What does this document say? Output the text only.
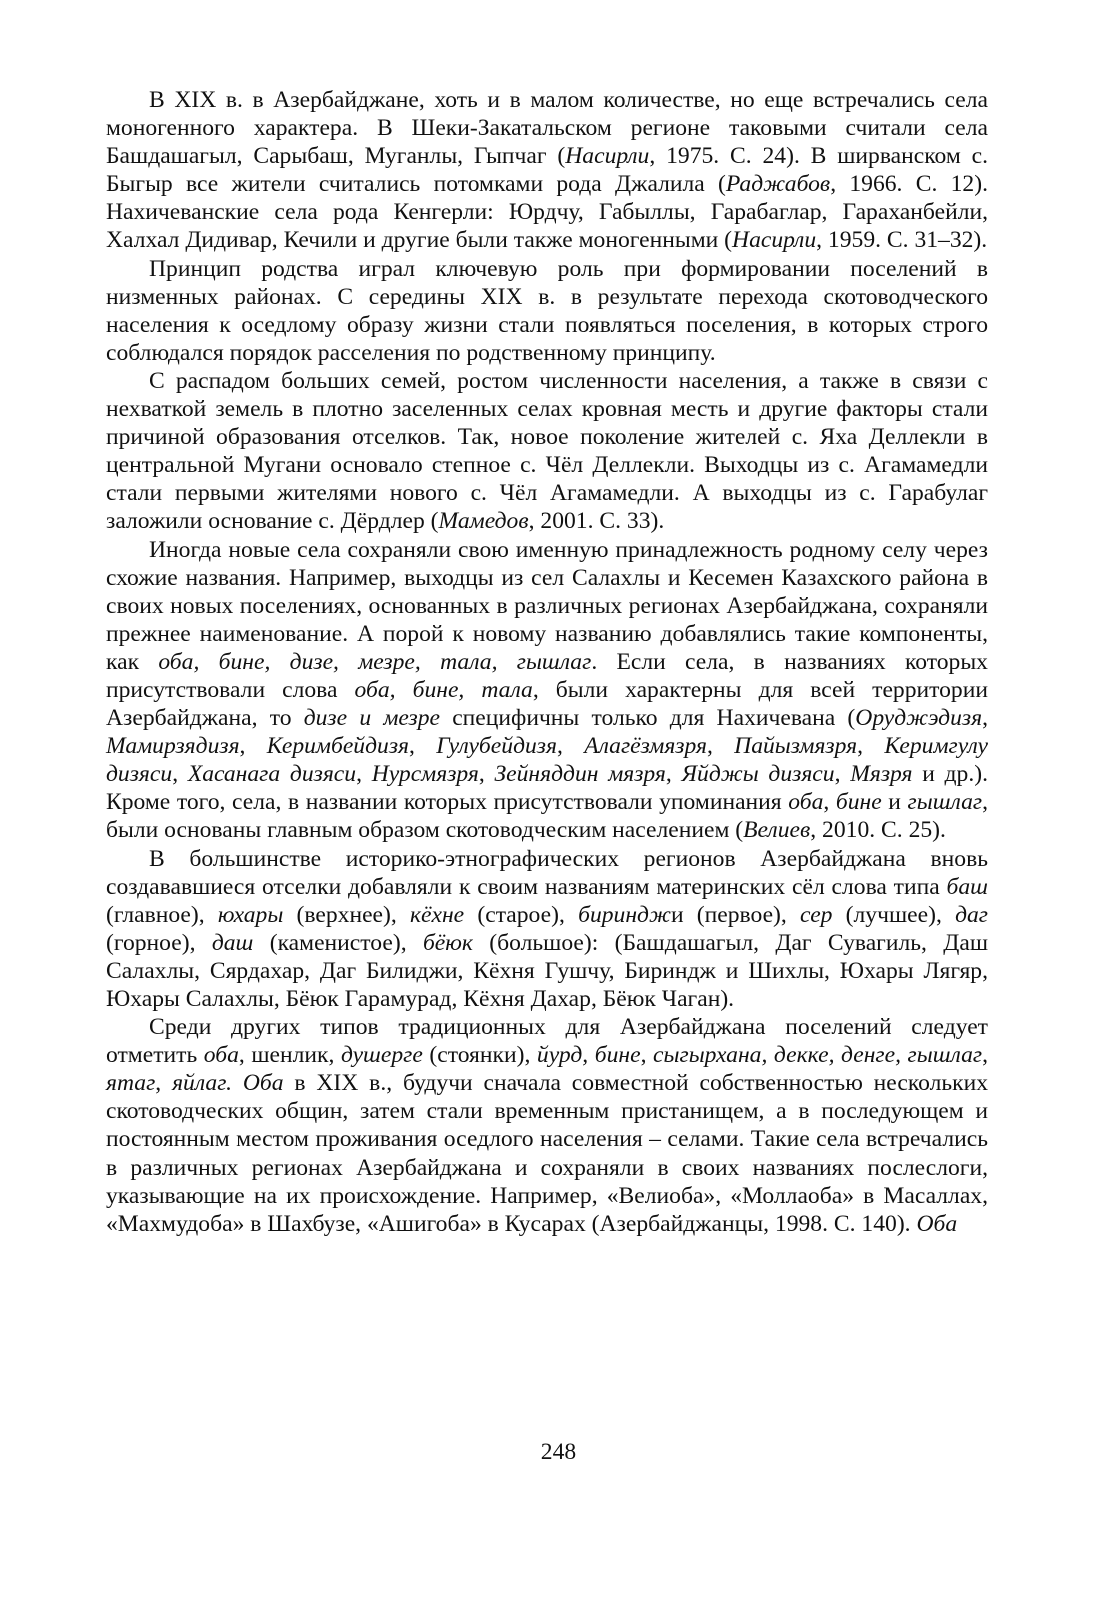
В XIX в. в Азербайджане, хоть и в малом количестве, но еще встречались села моногенного характера. В Шеки-Закатальском регионе таковыми считали села Башдашагыл, Сарыбаш, Муганлы, Гыпчаг (Насирли, 1975. С. 24). В ширванском с. Быгыр все жители считались потомками рода Джалила (Раджабов, 1966. С. 12). Нахичеванские села рода Кенгерли: Юрдчу, Габыллы, Гарабаглар, Гараханбейли, Халхал Дидивар, Кечили и другие были также моногенными (Насирли, 1959. С. 31–32).

Принцип родства играл ключевую роль при формировании поселений в низменных районах. С середины XIX в. в результате перехода скотоводческого населения к оседлому образу жизни стали появляться поселения, в которых строго соблюдался порядок расселения по родственному принципу.

С распадом больших семей, ростом численности населения, а также в связи с нехваткой земель в плотно заселенных селах кровная месть и другие факторы стали причиной образования отселков. Так, новое поколение жителей с. Яха Деллекли в центральной Мугани основало степное с. Чёл Деллекли. Выходцы из с. Агамамедли стали первыми жителями нового с. Чёл Агамамедли. А выходцы из с. Гарабулаг заложили основание с. Дёрдлер (Мамедов, 2001. С. 33).

Иногда новые села сохраняли свою именную принадлежность родному селу через схожие названия. Например, выходцы из сел Салахлы и Кесемен Казахского района в своих новых поселениях, основанных в различных регионах Азербайджана, сохраняли прежнее наименование. А порой к новому названию добавлялись такие компоненты, как оба, бине, дизе, мезре, тала, гышлаг. Если села, в названиях которых присутствовали слова оба, бине, тала, были характерны для всей территории Азербайджана, то дизе и мезре специфичны только для Нахичевана (Оруджэдизя, Мамирзядизя, Керимбейдизя, Гулубейдизя, Алагёзмязря, Пайызмязря, Керимгулу дизяси, Хасанага дизяси, Нурсмязря, Зейняддин мязря, Яйджы дизяси, Мязря и др.). Кроме того, села, в названии которых присутствовали упоминания оба, бине и гышлаг, были основаны главным образом скотоводческим населением (Велиев, 2010. С. 25).

В большинстве историко-этнографических регионов Азербайджана вновь создававшиеся отселки добавляли к своим названиям материнских сёл слова типа баш (главное), юхары (верхнее), кёхне (старое), биринджи (первое), сер (лучшее), даг (горное), даш (каменистое), бёюк (большое): (Башдашагыл, Даг Сувагиль, Даш Салахлы, Сярдахар, Даг Билиджи, Кёхня Гушчу, Бириндж и Шихлы, Юхары Лягяр, Юхары Салахлы, Бёюк Гарамурад, Кёхня Дахар, Бёюк Чаган).

Среди других типов традиционных для Азербайджана поселений следует отметить оба, шенлик, душерге (стоянки), йурд, бине, сыгырхана, декке, денге, гышлаг, ятаг, яйлаг. Оба в XIX в., будучи сначала совместной собственностью нескольких скотоводческих общин, затем стали временным пристанищем, а в последующем и постоянным местом проживания оседлого населения – селами. Такие села встречались в различных регионах Азербайджана и сохраняли в своих названиях послеслоги, указывающие на их происхождение. Например, «Велиоба», «Моллаоба» в Масаллах, «Махмудоба» в Шахбузе, «Ашигоба» в Кусарах (Азербайджанцы, 1998. С. 140). Оба

248
